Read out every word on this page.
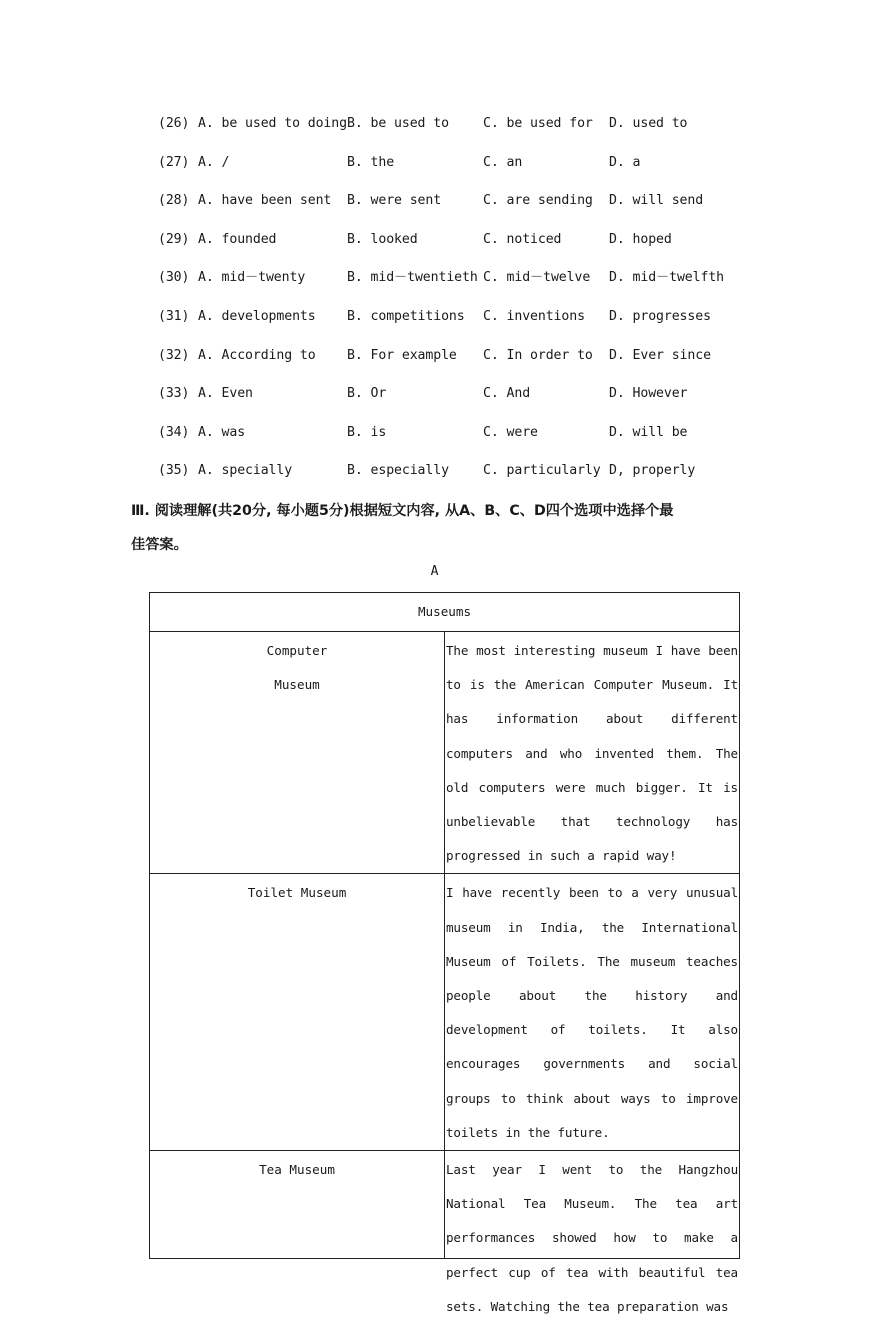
(26) A. be used to doing B. be used to	C. be used for D. used to
(27) A. /	B. the	C. an	D. a
(28) A. have been sent B. were sent	C. are sending D. will send
(29) A. founded	B. looked	C. noticed	D. hoped
(30) A. mid－twenty	B. mid－twentieth C. mid－twelve D. mid－twelfth
(31) A. developments B. competitions C. inventions D. progresses
(32) A. According to B. For example C. In order to D. Ever since
(33) A. Even	B. Or	C. And	D. However
(34) A. was	B. is	C. were	D. will be
(35) A. specially	B. especially	C. particularly D, properly
Ⅲ. 阅读理解(共20分, 每小题5分)根据短文内容, 从A、B、C、D四个选项中选择个最
佳答案。
A
Museums	

Computer
Museum	The most interesting museum I have been to is the American Computer Museum. It has information about different computers and who invented them. The old computers were much bigger. It is unbelievable that technology has progressed in such a rapid way!

Toilet Museum	I have recently been to a very unusual museum in India, the International Museum of Toilets. The museum teaches people about the history and development of toilets. It also encourages governments and social groups to think about ways to improve toilets in the future.

Tea Museum	Last year I went to the Hangzhou National Tea Museum. The tea art performances showed how to make a perfect cup of tea with beautiful tea sets. Watching the tea preparation was
